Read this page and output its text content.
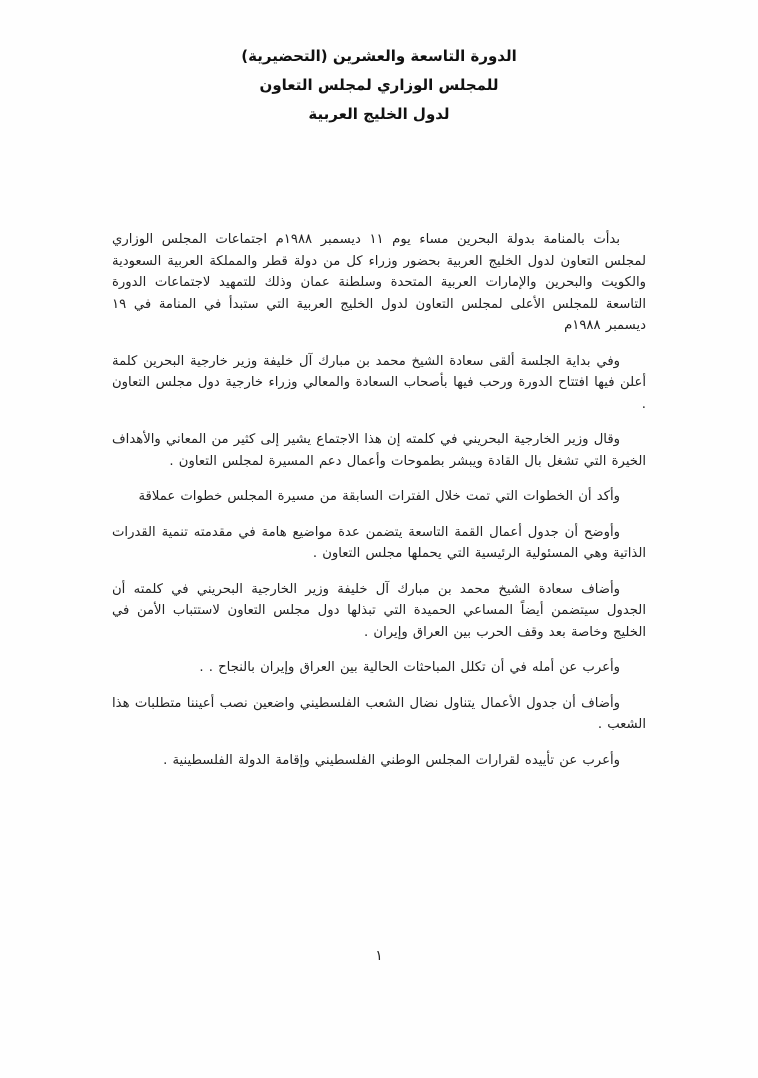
الدورة التاسعة والعشرين (التحضيرية)
للمجلس الوزاري لمجلس التعاون
لدول الخليج العربية

بدأت بالمنامة بدولة البحرين مساء يوم ١١ ديسمبر ١٩٨٨م اجتماعات المجلس الوزاري لمجلس التعاون لدول الخليج العربية بحضور وزراء كل من دولة قطر والمملكة العربية السعودية والكويت والبحرين والإمارات العربية المتحدة وسلطنة عمان وذلك للتمهيد لاجتماعات الدورة التاسعة للمجلس الأعلى لمجلس التعاون لدول الخليج العربية التي ستبدأ في المنامة في ١٩ ديسمبر ١٩٨٨م

وفي بداية الجلسة ألقى سعادة الشيخ محمد بن مبارك آل خليفة وزير خارجية البحرين كلمة أعلن فيها افتتاح الدورة ورحب فيها بأصحاب السعادة والمعالي وزراء خارجية دول مجلس التعاون .

وقال وزير الخارجية البحريني في كلمته إن هذا الاجتماع يشير إلى كثير من المعاني والأهداف الخيرة التي تشغل بال القادة ويبشر بطموحات وأعمال دعم المسيرة لمجلس التعاون .

وأكد أن الخطوات التي تمت خلال الفترات السابقة من مسيرة المجلس خطوات عملاقة

وأوضح أن جدول أعمال القمة التاسعة يتضمن عدة مواضيع هامة في مقدمته تنمية القدرات الذاتية وهي المسئولية الرئيسية التي يحملها مجلس التعاون .

وأضاف سعادة الشيخ محمد بن مبارك آل خليفة وزير الخارجية البحريني في كلمته أن الجدول سيتضمن أيضاً المساعي الحميدة التي تبذلها دول مجلس التعاون لاستتباب الأمن في الخليج وخاصة بعد وقف الحرب بين العراق وإيران .

وأعرب عن أمله في أن تكلل المباحثات الحالية بين العراق وإيران بالنجاح . .

وأضاف أن جدول الأعمال يتناول نضال الشعب الفلسطيني واضعين نصب أعيننا متطلبات هذا الشعب .

وأعرب عن تأييده لقرارات المجلس الوطني الفلسطيني وإقامة الدولة الفلسطينية .

١
